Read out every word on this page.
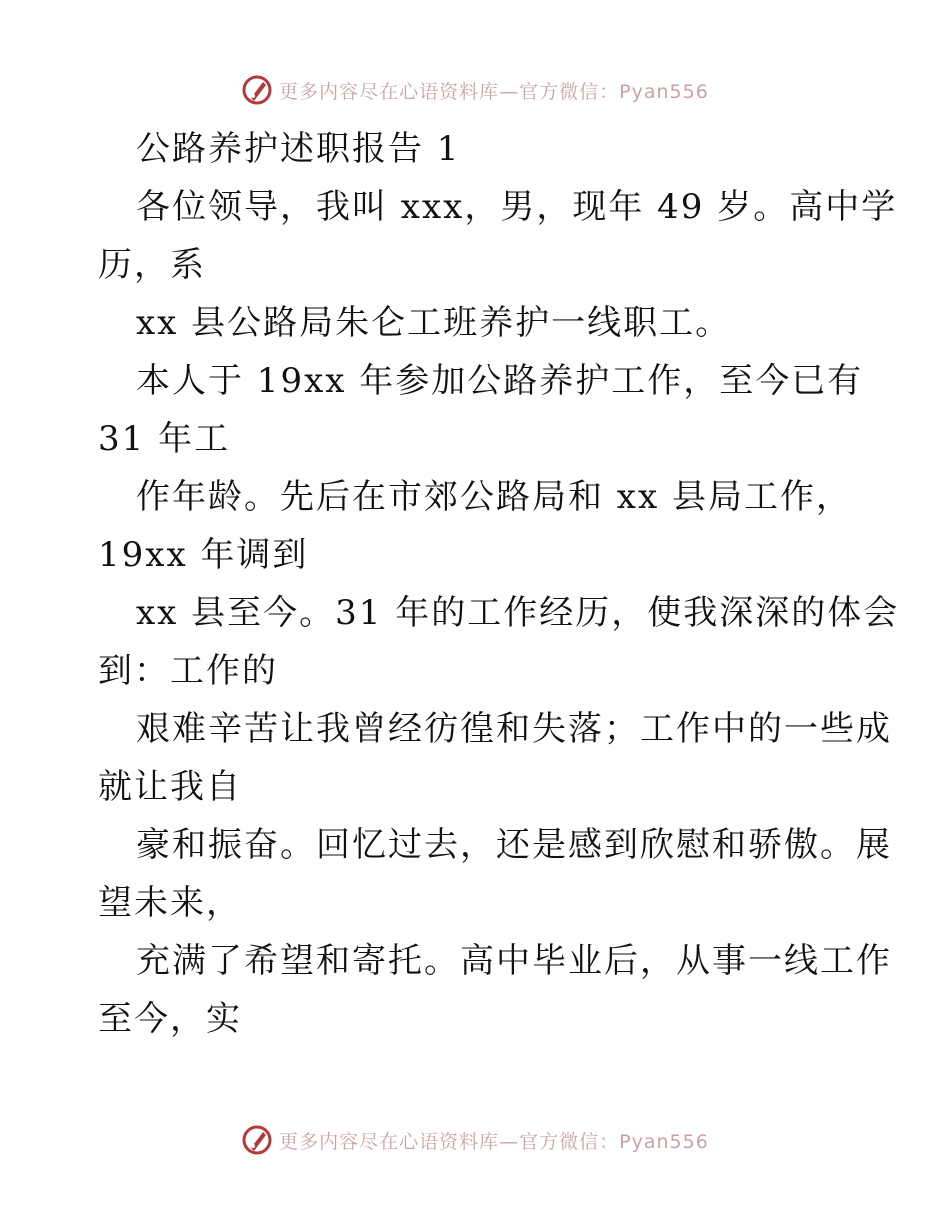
更多内容尽在心语资料库—官方微信：Pyan556
公路养护述职报告 1
各位领导，我叫 xxx，男，现年 49 岁。高中学
历，系
xx 县公路局朱仑工班养护一线职工。
本人于 19xx 年参加公路养护工作，至今已有
31 年工
作年龄。先后在市郊公路局和 xx 县局工作，
19xx 年调到
xx 县至今。31 年的工作经历，使我深深的体会
到：工作的
艰难辛苦让我曾经彷徨和失落；工作中的一些成
就让我自
豪和振奋。回忆过去，还是感到欣慰和骄傲。展
望未来，
充满了希望和寄托。高中毕业后，从事一线工作
至今，实
更多内容尽在心语资料库—官方微信：Pyan556
